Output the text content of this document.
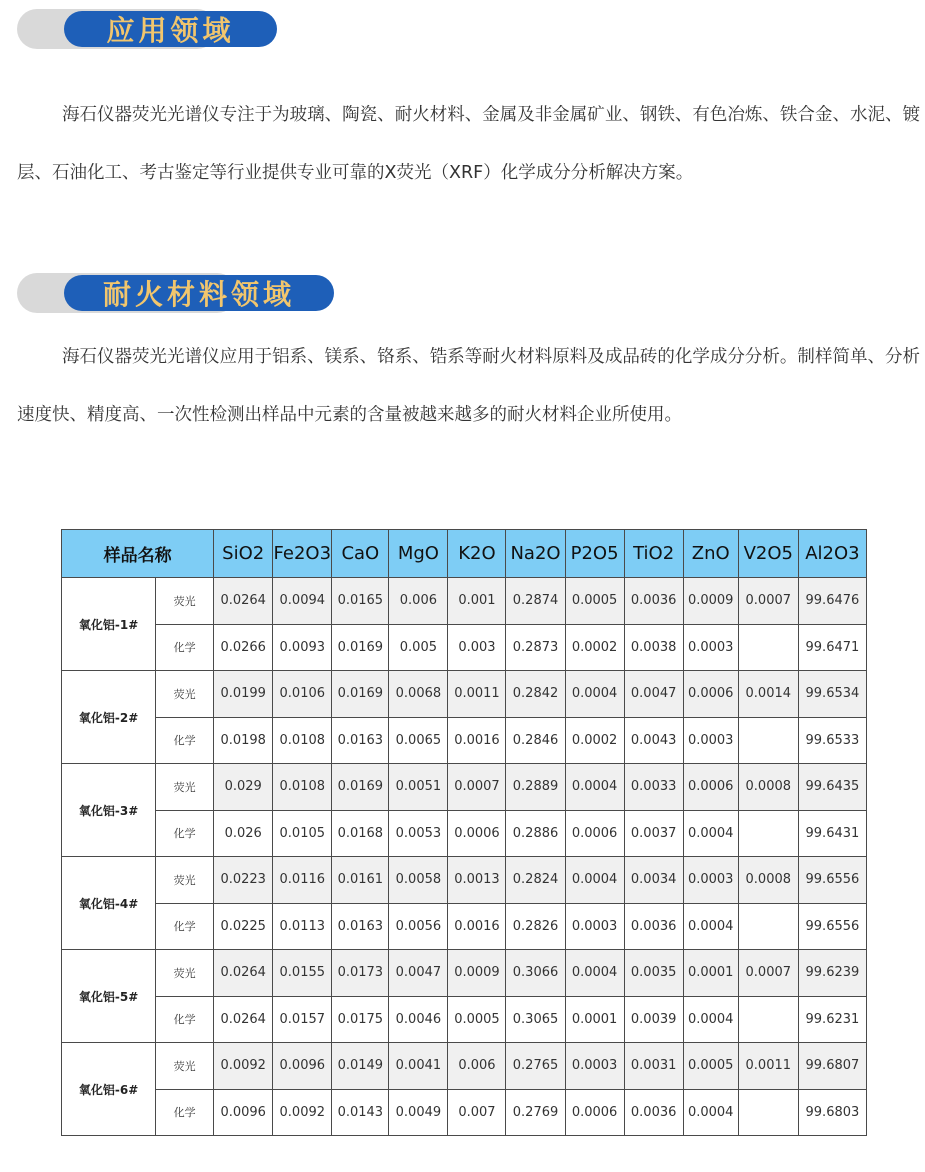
应用领域

海石仪器荧光光谱仪专注于为玻璃、陶瓷、耐火材料、金属及非金属矿业、钢铁、有色冶炼、铁合金、水泥、镀层、石油化工、考古鉴定等行业提供专业可靠的X荧光（XRF）化学成分分析解决方案。

耐火材料领域

海石仪器荧光光谱仪应用于铝系、镁系、铬系、锆系等耐火材料原料及成品砖的化学成分分析。制样简单、分析速度快、精度高、一次性检测出样品中元素的含量被越来越多的耐火材料企业所使用。

样品名称		SiO2	Fe2O3	CaO	MgO	K2O	Na2O	P2O5	TiO2	ZnO	V2O5	Al2O3
氧化铝-1#	荧光	0.0264	0.0094	0.0165	0.006	0.001	0.2874	0.0005	0.0036	0.0009	0.0007	99.6476
	化学	0.0266	0.0093	0.0169	0.005	0.003	0.2873	0.0002	0.0038	0.0003		99.6471
氧化铝-2#	荧光	0.0199	0.0106	0.0169	0.0068	0.0011	0.2842	0.0004	0.0047	0.0006	0.0014	99.6534
	化学	0.0198	0.0108	0.0163	0.0065	0.0016	0.2846	0.0002	0.0043	0.0003		99.6533
氧化铝-3#	荧光	0.029	0.0108	0.0169	0.0051	0.0007	0.2889	0.0004	0.0033	0.0006	0.0008	99.6435
	化学	0.026	0.0105	0.0168	0.0053	0.0006	0.2886	0.0006	0.0037	0.0004		99.6431
氧化铝-4#	荧光	0.0223	0.0116	0.0161	0.0058	0.0013	0.2824	0.0004	0.0034	0.0003	0.0008	99.6556
	化学	0.0225	0.0113	0.0163	0.0056	0.0016	0.2826	0.0003	0.0036	0.0004		99.6556
氧化铝-5#	荧光	0.0264	0.0155	0.0173	0.0047	0.0009	0.3066	0.0004	0.0035	0.0001	0.0007	99.6239
	化学	0.0264	0.0157	0.0175	0.0046	0.0005	0.3065	0.0001	0.0039	0.0004		99.6231
氧化铝-6#	荧光	0.0092	0.0096	0.0149	0.0041	0.006	0.2765	0.0003	0.0031	0.0005	0.0011	99.6807
	化学	0.0096	0.0092	0.0143	0.0049	0.007	0.2769	0.0006	0.0036	0.0004		99.6803
